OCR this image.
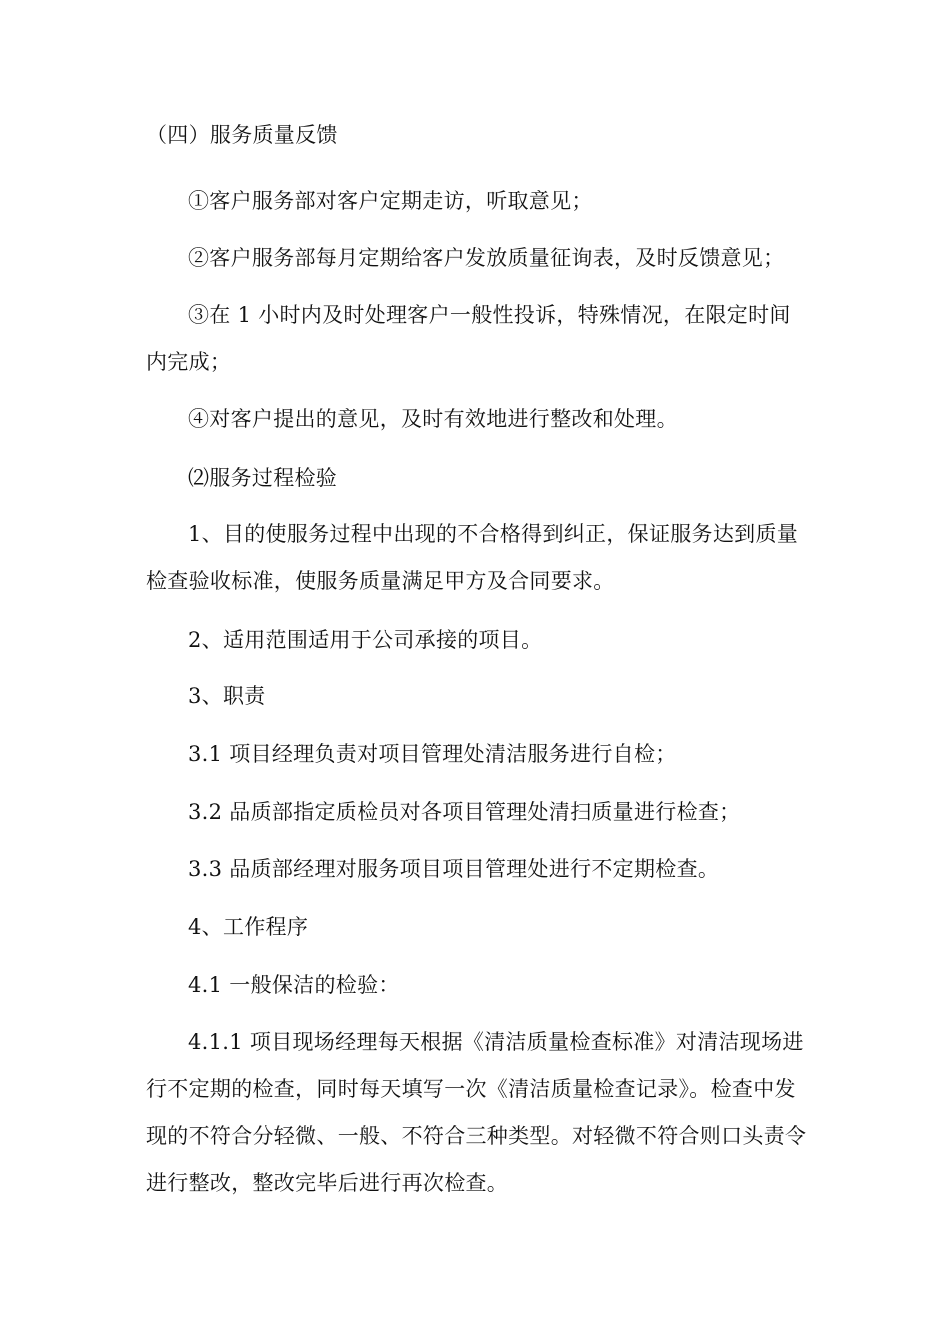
（四）服务质量反馈

①客户服务部对客户定期走访，听取意见；

②客户服务部每月定期给客户发放质量征询表，及时反馈意见；

③在 1 小时内及时处理客户一般性投诉，特殊情况，在限定时间内完成；

④对客户提出的意见，及时有效地进行整改和处理。

⑵服务过程检验

1、目的使服务过程中出现的不合格得到纠正，保证服务达到质量检查验收标准，使服务质量满足甲方及合同要求。

2、适用范围适用于公司承接的项目。

3、职责

3.1 项目经理负责对项目管理处清洁服务进行自检；

3.2 品质部指定质检员对各项目管理处清扫质量进行检查；

3.3 品质部经理对服务项目项目管理处进行不定期检查。

4、工作程序

4.1 一般保洁的检验：

4.1.1 项目现场经理每天根据《清洁质量检查标准》对清洁现场进行不定期的检查，同时每天填写一次《清洁质量检查记录》。检查中发现的不符合分轻微、一般、不符合三种类型。对轻微不符合则口头责令进行整改，整改完毕后进行再次检查。
